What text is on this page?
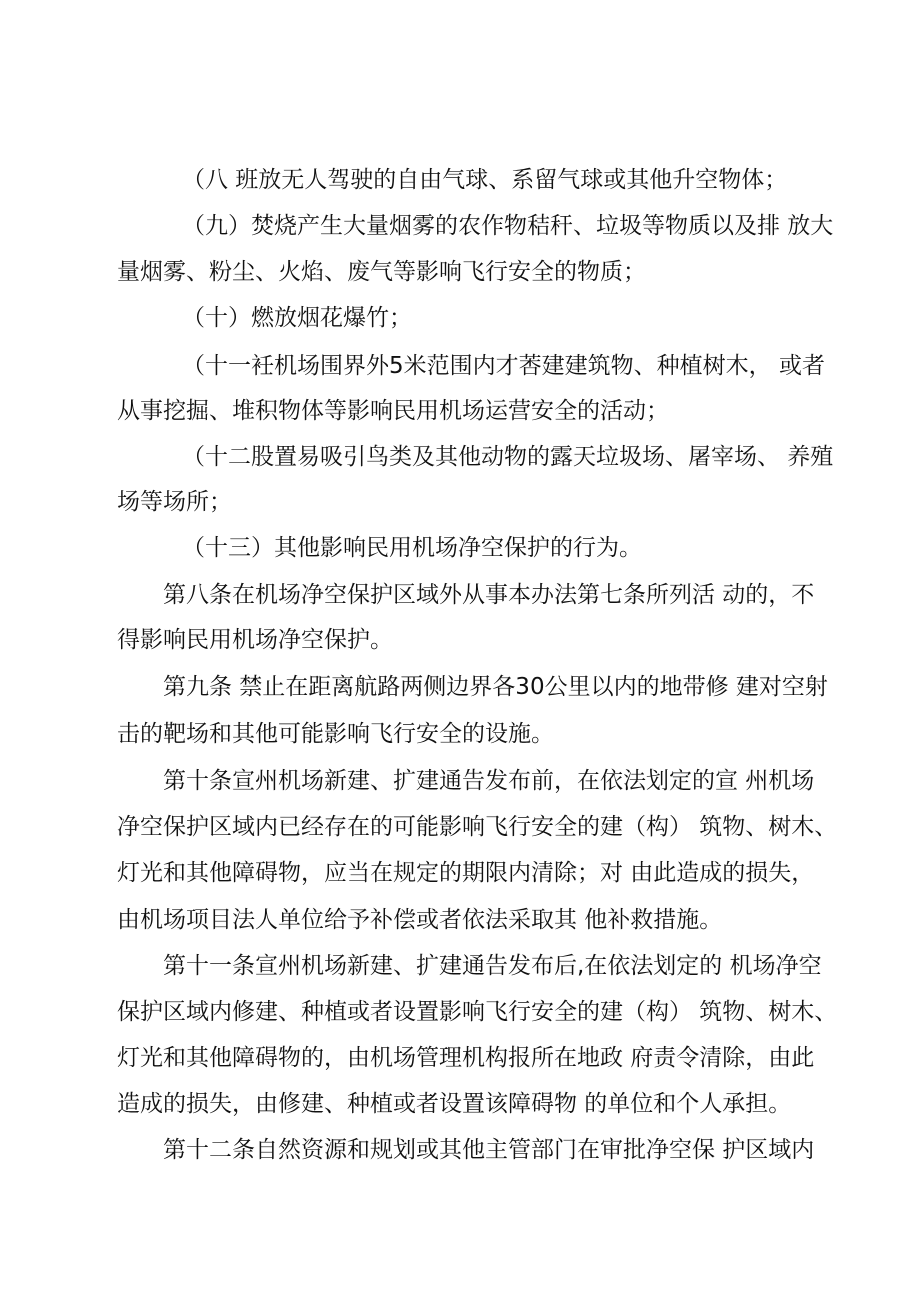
（八 班放无人驾驶的自由气球、系留气球或其他升空物体；
（九）焚烧产生大量烟雾的农作物秸秆、垃圾等物质以及排 放大
量烟雾、粉尘、火焰、废气等影响飞行安全的物质；
（十）燃放烟花爆竹；
（十一衽机场围界外5米范围内才莕建建筑物、种植树木， 或者
从事挖掘、堆积物体等影响民用机场运营安全的活动；
（十二股置易吸引鸟类及其他动物的露天垃圾场、屠宰场、 养殖
场等场所；
（十三）其他影响民用机场净空保护的行为。
第八条在机场净空保护区域外从事本办法第七条所列活 动的，不
得影响民用机场净空保护。
第九条 禁止在距离航路两侧边界各30公里以内的地带修 建对空射
击的靶场和其他可能影响飞行安全的设施。
第十条宣州机场新建、扩建通告发布前，在依法划定的宣 州机场
净空保护区域内已经存在的可能影响飞行安全的建（构） 筑物、树木、
灯光和其他障碍物，应当在规定的期限内清除；对 由此造成的损失，
由机场项目法人单位给予补偿或者依法采取其 他补救措施。
第十一条宣州机场新建、扩建通告发布后,在依法划定的 机场净空
保护区域内修建、种植或者设置影响飞行安全的建（构） 筑物、树木、
灯光和其他障碍物的，由机场管理机构报所在地政 府责令清除，由此
造成的损失，由修建、种植或者设置该障碍物 的单位和个人承担。
第十二条自然资源和规划或其他主管部门在审批净空保 护区域内
